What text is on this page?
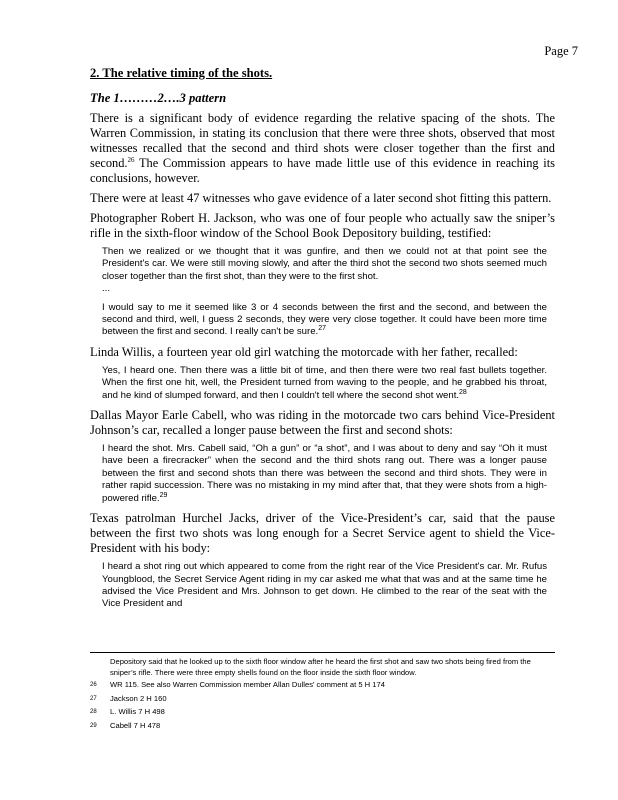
Page 7

2. The relative timing of the shots.

The 1………2….3 pattern

There is a significant body of evidence regarding the relative spacing of the shots. The Warren Commission, in stating its conclusion that there were three shots, observed that most witnesses recalled that the second and third shots were closer together than the first and second.$^{26}$ The Commission appears to have made little use of this evidence in reaching its conclusions, however.

There were at least 47 witnesses who gave evidence of a later second shot fitting this pattern.

Photographer Robert H. Jackson, who was one of four people who actually saw the sniper’s rifle in the sixth-floor window of the School Book Depository building, testified:

Then we realized or we thought that it was gunfire, and then we could not at that point see the President's car. We were still moving slowly, and after the third shot the second two shots seemed much closer together than the first shot, than they were to the first shot.

...

I would say to me it seemed like 3 or 4 seconds between the first and the second, and between the second and third, well, I guess 2 seconds, they were very close together. It could have been more time between the first and second. I really can't be sure.$^{27}$

Linda Willis, a fourteen year old girl watching the motorcade with her father, recalled:

Yes, I heard one. Then there was a little bit of time, and then there were two real fast bullets together. When the first one hit, well, the President turned from waving to the people, and he grabbed his throat, and he kind of slumped forward, and then I couldn't tell where the second shot went.$^{28}$

Dallas Mayor Earle Cabell, who was riding in the motorcade two cars behind Vice-President Johnson’s car, recalled a longer pause between the first and second shots:

I heard the shot. Mrs. Cabell said, “Oh a gun” or “a shot”, and I was about to deny and say “Oh it must have been a firecracker” when the second and the third shots rang out. There was a longer pause between the first and second shots than there was between the second and third shots. They were in rather rapid succession. There was no mistaking in my mind after that, that they were shots from a high-powered rifle.$^{29}$

Texas patrolman Hurchel Jacks, driver of the Vice-President’s car, said that the pause between the first two shots was long enough for a Secret Service agent to shield the Vice-President with his body:

I heard a shot ring out which appeared to come from the right rear of the Vice President's car. Mr. Rufus Youngblood, the Secret Service Agent riding in my car asked me what that was and at the same time he advised the Vice President and Mrs. Johnson to get down. He climbed to the rear of the seat with the Vice President and

Depository said that he looked up to the sixth floor window after he heard the first shot and saw two shots being fired from the sniper’s rifle. There were three empty shells found on the floor inside the sixth floor window.

26	WR 115. See also Warren Commission member Allan Dulles' comment at 5 H 174
27	Jackson 2 H 160
28	L. Willis 7 H 498
29	Cabell 7 H 478
